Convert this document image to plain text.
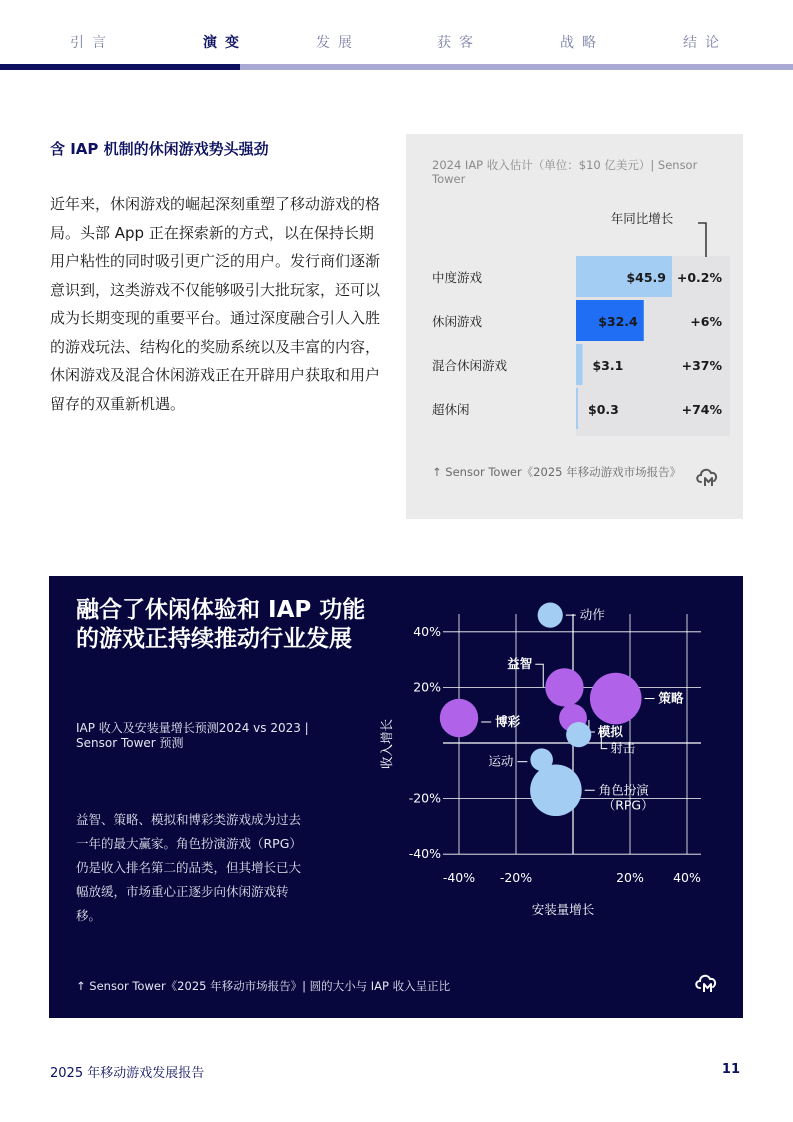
引言	演变	发展	获客	战略	结论
含 IAP 机制的休闲游戏势头强劲
近年来，休闲游戏的崛起深刻重塑了移动游戏的格局。头部 App 正在探索新的方式，以在保持长期用户粘性的同时吸引更广泛的用户。发行商们逐渐意识到，这类游戏不仅能够吸引大批玩家，还可以成为长期变现的重要平台。通过深度融合引人入胜的游戏玩法、结构化的奖励系统以及丰富的内容，休闲游戏及混合休闲游戏正在开辟用户获取和用户留存的双重新机遇。
2024 IAP 收入估计（单位：$10 亿美元）| Sensor Tower
年同比增长
中度游戏	$45.9 +0.2%
休闲游戏	$32.4	+6%
混合休闲游戏	$3.1	+37%
超休闲	$0.3	+74%
↑ Sensor Tower《2025 年移动游戏市场报告》
融合了休闲体验和 IAP 功能的游戏正持续推动行业发展
IAP 收入及安装量增长预测2024 vs 2023 | Sensor Tower 预测
益智、策略、模拟和博彩类游戏成为过去一年的最大赢家。角色扮演游戏（RPG）仍是收入排名第二的品类，但其增长已大幅放缓，市场重心正逐步向休闲游戏转移。
↑ Sensor Tower《2025 年移动市场报告》| 圆的大小与 IAP 收入呈正比
40%
20%
-20%
-40%
-40% -20%	20% 40%
安装量增长
收入增长
动作
益智
策略
博彩
模拟
射击
运动
角色扮演（RPG）
2025 年移动游戏发展报告	11
